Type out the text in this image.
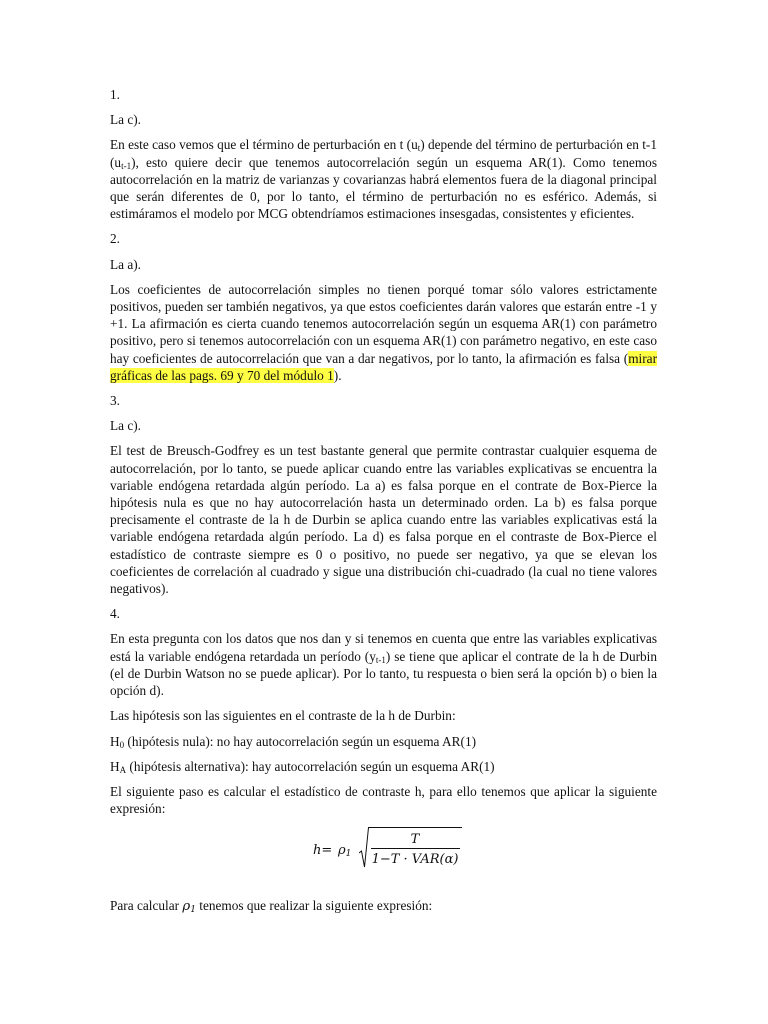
1.

La c).

En este caso vemos que el término de perturbación en t $(u_t)$ depende del término de perturbación en t-1 $(u_{t-1})$, esto quiere decir que tenemos autocorrelación según un esquema AR(1). Como tenemos autocorrelación en la matriz de varianzas y covarianzas habrá elementos fuera de la diagonal principal que serán diferentes de 0, por lo tanto, el término de perturbación no es esférico. Además, si estimáramos el modelo por MCG obtendríamos estimaciones insesgadas, consistentes y eficientes.

2.

La a).

Los coeficientes de autocorrelación simples no tienen porqué tomar sólo valores estrictamente positivos, pueden ser también negativos, ya que estos coeficientes darán valores que estarán entre -1 y +1. La afirmación es cierta cuando tenemos autocorrelación según un esquema AR(1) con parámetro positivo, pero si tenemos autocorrelación con un esquema AR(1) con parámetro negativo, en este caso hay coeficientes de autocorrelación que van a dar negativos, por lo tanto, la afirmación es falsa (mirar gráficas de las pags. 69 y 70 del módulo 1).

3.

La c).

El test de Breusch-Godfrey es un test bastante general que permite contrastar cualquier esquema de autocorrelación, por lo tanto, se puede aplicar cuando entre las variables explicativas se encuentra la variable endógena retardada algún período. La a) es falsa porque en el contrate de Box-Pierce la hipótesis nula es que no hay autocorrelación hasta un determinado orden. La b) es falsa porque precisamente el contraste de la h de Durbin se aplica cuando entre las variables explicativas está la variable endógena retardada algún período. La d) es falsa porque en el contraste de Box-Pierce el estadístico de contraste siempre es 0 o positivo, no puede ser negativo, ya que se elevan los coeficientes de correlación al cuadrado y sigue una distribución chi-cuadrado (la cual no tiene valores negativos).

4.

En esta pregunta con los datos que nos dan y si tenemos en cuenta que entre las variables explicativas está la variable endógena retardada un período $(y_{t-1})$ se tiene que aplicar el contrate de la h de Durbin (el de Durbin Watson no se puede aplicar). Por lo tanto, tu respuesta o bien será la opción b) o bien la opción d).

Las hipótesis son las siguientes en el contraste de la h de Durbin:

$H_0$ (hipótesis nula): no hay autocorrelación según un esquema AR(1)

$H_A$ (hipótesis alternativa): hay autocorrelación según un esquema AR(1)

El siguiente paso es calcular el estadístico de contraste h, para ello tenemos que aplicar la siguiente expresión:

$h= \rho_1$
T
1−T · VAR(α)

Para calcular $\rho_1$ tenemos que realizar la siguiente expresión:
